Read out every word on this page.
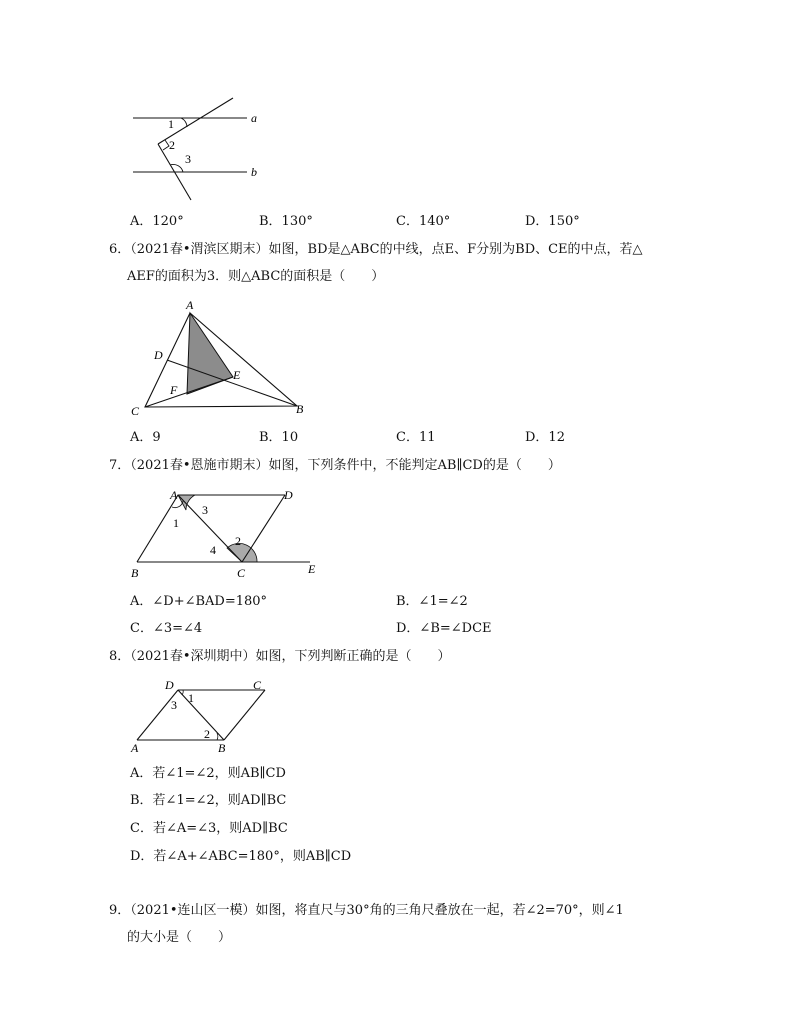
1
2
3
a
b
A．120°	B．130°	C．140°	D．150°
6．（2021春•渭滨区期末）如图，BD是△ABC的中线，点E、F分别为BD、CE的中点，若△
AEF的面积为3．则△ABC的面积是（　　）
A
C	B
D
E
F
A．9	B．10	C．11	D．12
7．（2021春•恩施市期末）如图，下列条件中，不能判定AB∥CD的是（　　）
A	D
B	C	E
1
3
2
4
A．∠D+∠BAD=180°	B．∠1=∠2
C．∠3=∠4	D．∠B=∠DCE
8．（2021春•深圳期中）如图，下列判断正确的是（　　）
D	C
A	B
1
3
2
A．若∠1=∠2，则AB∥CD
B．若∠1=∠2，则AD∥BC
C．若∠A=∠3，则AD∥BC
D．若∠A+∠ABC=180°，则AB∥CD
9．（2021•连山区一模）如图，将直尺与30°角的三角尺叠放在一起，若∠2=70°，则∠1
的大小是（　　）
